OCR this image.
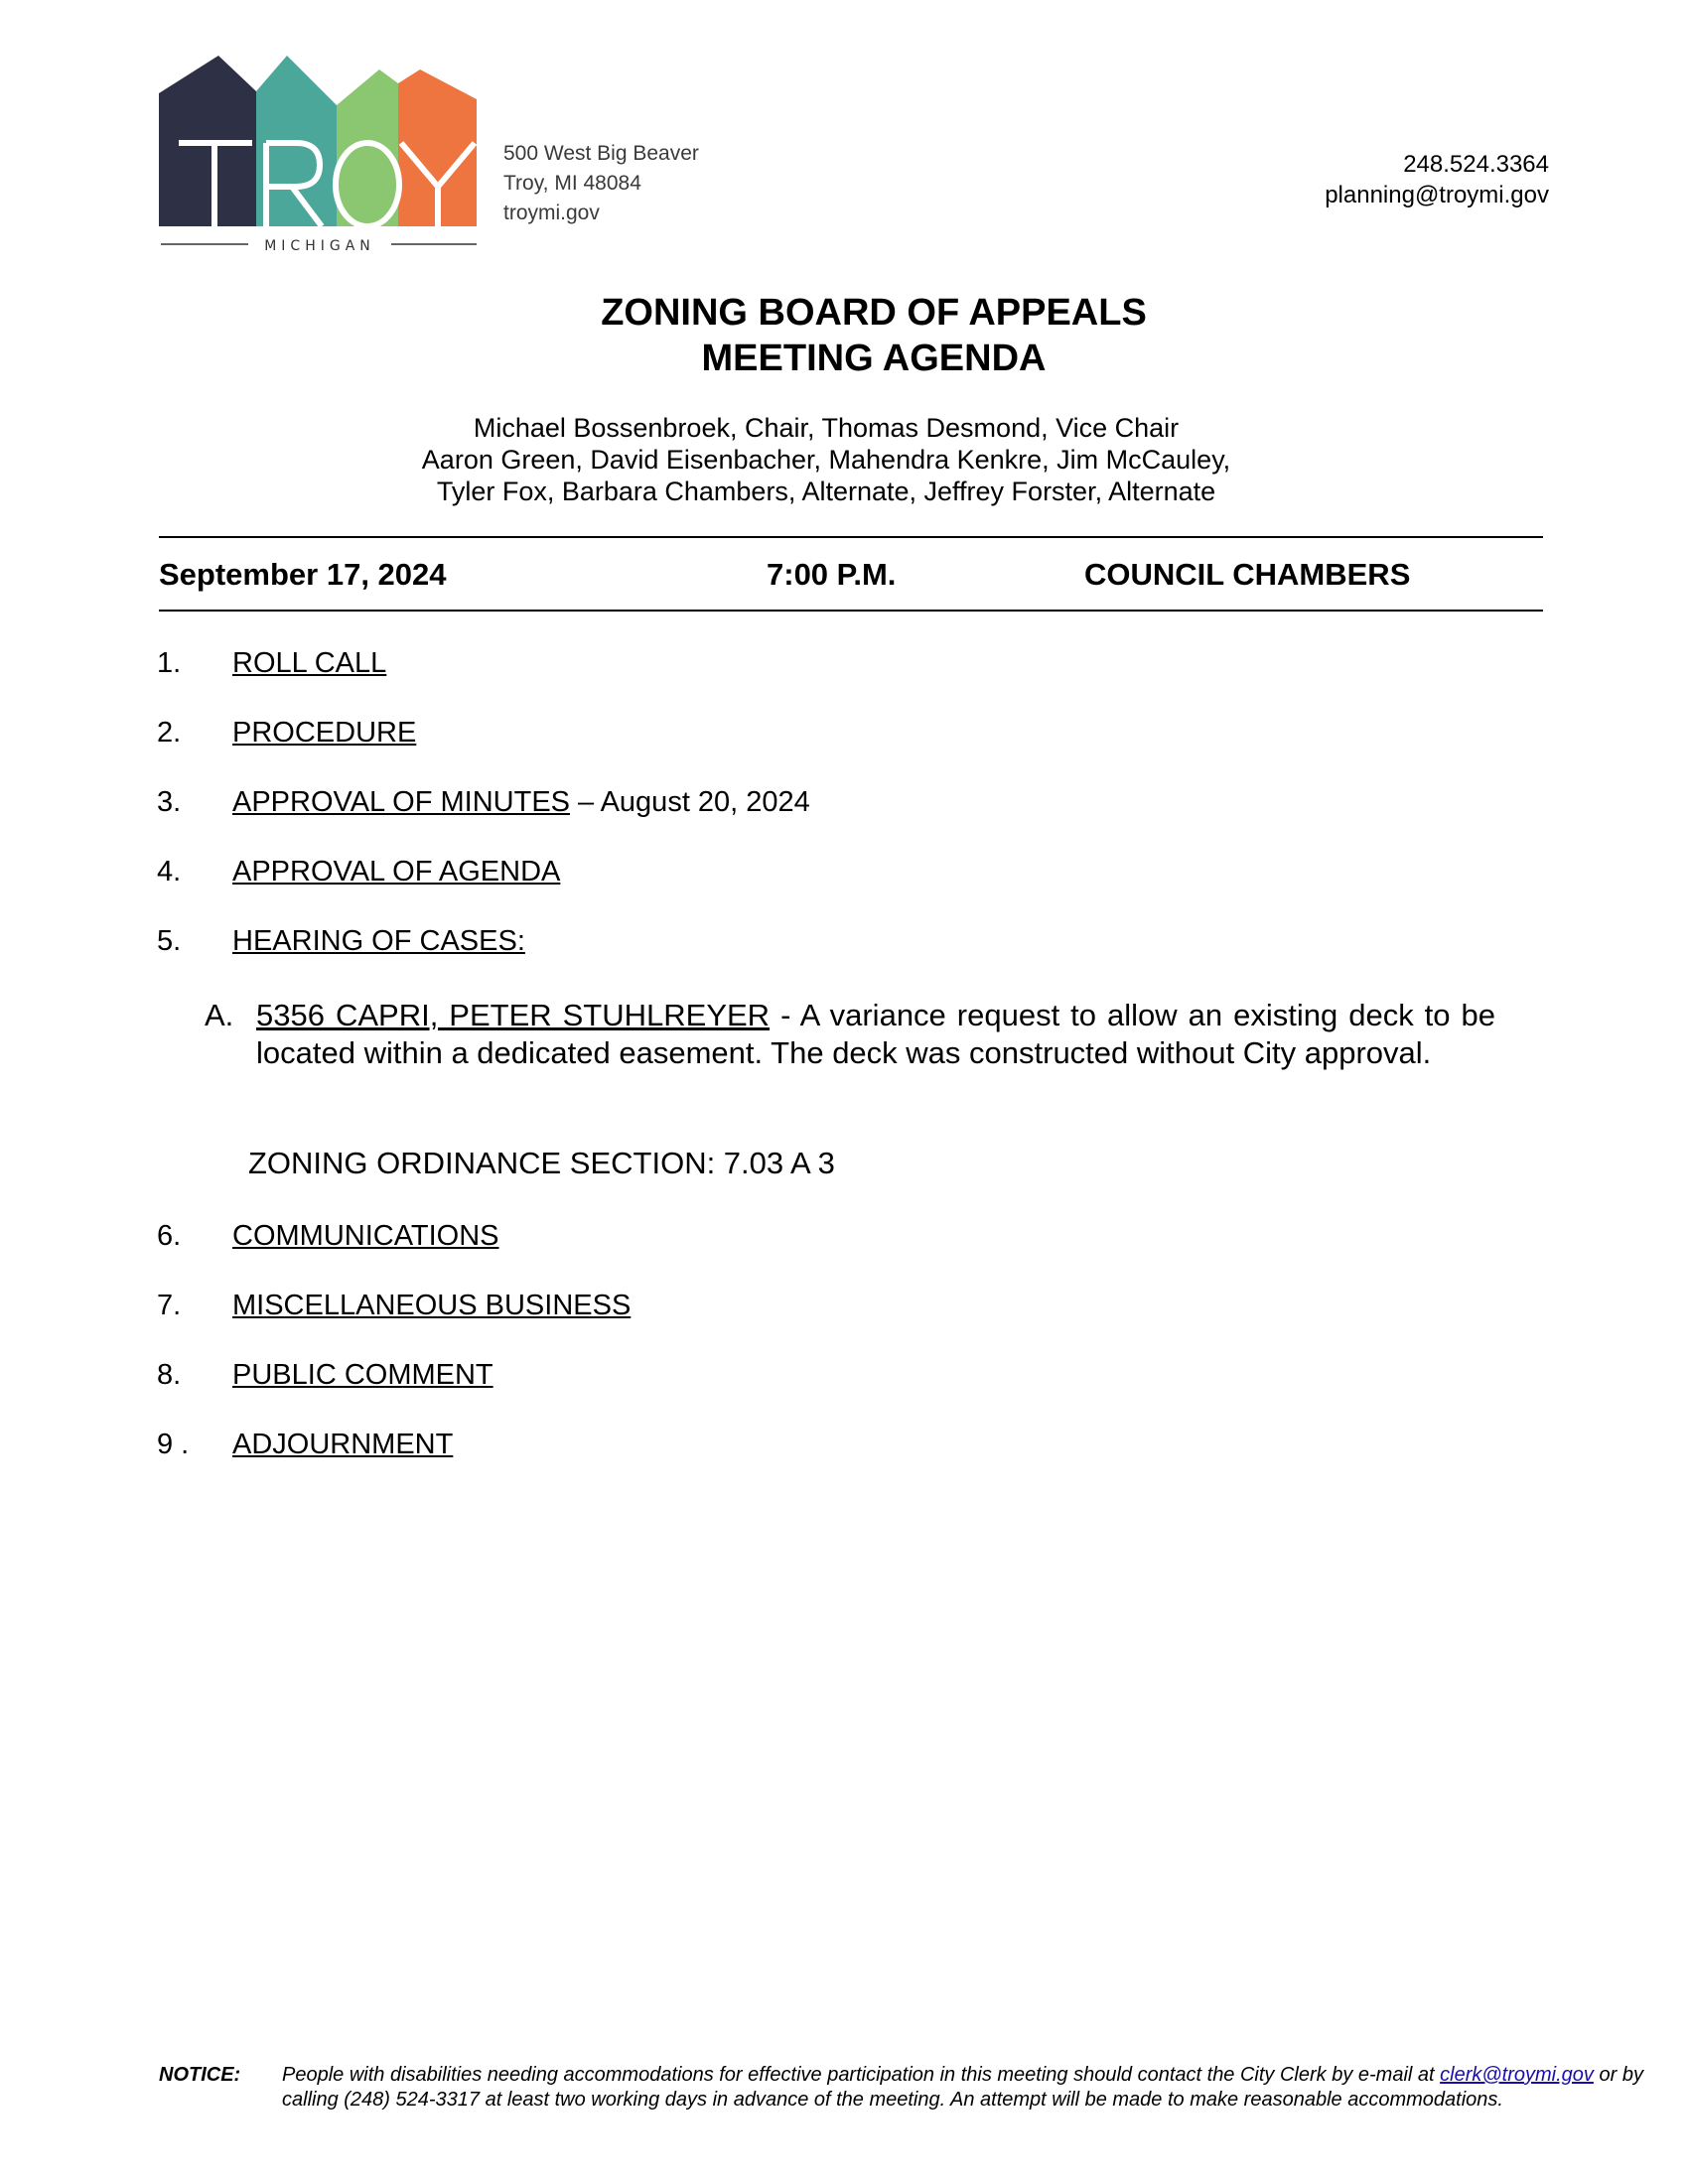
MICHIGAN
500 West Big Beaver
Troy, MI 48084
troymi.gov
248.524.3364
planning@troymi.gov
ZONING BOARD OF APPEALS
MEETING AGENDA
Michael Bossenbroek, Chair, Thomas Desmond, Vice Chair
Aaron Green, David Eisenbacher, Mahendra Kenkre, Jim McCauley,
Tyler Fox, Barbara Chambers, Alternate, Jeffrey Forster, Alternate
September 17, 2024	7:00 P.M.	COUNCIL CHAMBERS
1. ROLL CALL
2. PROCEDURE
3. APPROVAL OF MINUTES – August 20, 2024
4. APPROVAL OF AGENDA
5. HEARING OF CASES:
A. 5356 CAPRI, PETER STUHLREYER - A variance request to allow an existing deck to be located within a dedicated easement. The deck was constructed without City approval.
ZONING ORDINANCE SECTION: 7.03 A 3
6. COMMUNICATIONS
7. MISCELLANEOUS BUSINESS
8. PUBLIC COMMENT
9 . ADJOURNMENT
NOTICE: People with disabilities needing accommodations for effective participation in this meeting should contact the City Clerk by e-mail at clerk@troymi.gov or by calling (248) 524-3317 at least two working days in advance of the meeting. An attempt will be made to make reasonable accommodations.
